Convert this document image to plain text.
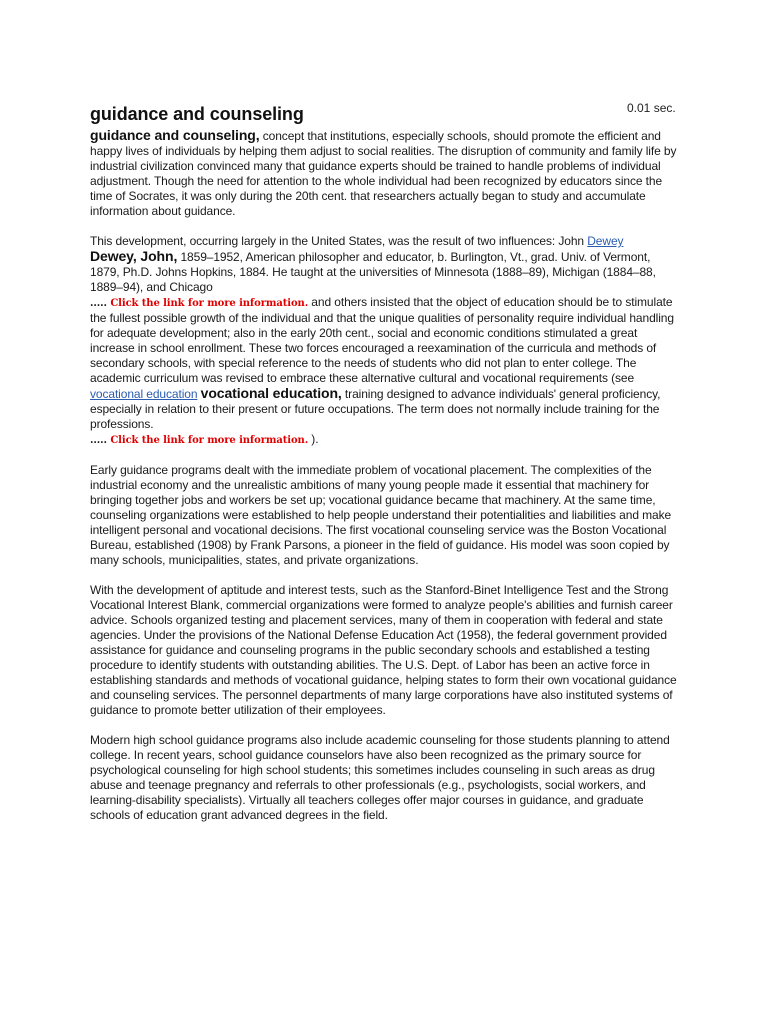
0.01 sec.
guidance and counseling

guidance and counseling, concept that institutions, especially schools, should promote the efficient and happy lives of individuals by helping them adjust to social realities. The disruption of community and family life by industrial civilization convinced many that guidance experts should be trained to handle problems of individual adjustment. Though the need for attention to the whole individual had been recognized by educators since the time of Socrates, it was only during the 20th cent. that researchers actually began to study and accumulate information about guidance.

This development, occurring largely in the United States, was the result of two influences: John Dewey
Dewey, John, 1859–1952, American philosopher and educator, b. Burlington, Vt., grad. Univ. of Vermont, 1879, Ph.D. Johns Hopkins, 1884. He taught at the universities of Minnesota (1888–89), Michigan (1884–88, 1889–94), and Chicago
..... Click the link for more information. and others insisted that the object of education should be to stimulate the fullest possible growth of the individual and that the unique qualities of personality require individual handling for adequate development; also in the early 20th cent., social and economic conditions stimulated a great increase in school enrollment. These two forces encouraged a reexamination of the curricula and methods of secondary schools, with special reference to the needs of students who did not plan to enter college. The academic curriculum was revised to embrace these alternative cultural and vocational requirements (see vocational education vocational education, training designed to advance individuals' general proficiency, especially in relation to their present or future occupations. The term does not normally include training for the professions.
..... Click the link for more information. ).

Early guidance programs dealt with the immediate problem of vocational placement. The complexities of the industrial economy and the unrealistic ambitions of many young people made it essential that machinery for bringing together jobs and workers be set up; vocational guidance became that machinery. At the same time, counseling organizations were established to help people understand their potentialities and liabilities and make intelligent personal and vocational decisions. The first vocational counseling service was the Boston Vocational Bureau, established (1908) by Frank Parsons, a pioneer in the field of guidance. His model was soon copied by many schools, municipalities, states, and private organizations.

With the development of aptitude and interest tests, such as the Stanford-Binet Intelligence Test and the Strong Vocational Interest Blank, commercial organizations were formed to analyze people's abilities and furnish career advice. Schools organized testing and placement services, many of them in cooperation with federal and state agencies. Under the provisions of the National Defense Education Act (1958), the federal government provided assistance for guidance and counseling programs in the public secondary schools and established a testing procedure to identify students with outstanding abilities. The U.S. Dept. of Labor has been an active force in establishing standards and methods of vocational guidance, helping states to form their own vocational guidance and counseling services. The personnel departments of many large corporations have also instituted systems of guidance to promote better utilization of their employees.

Modern high school guidance programs also include academic counseling for those students planning to attend college. In recent years, school guidance counselors have also been recognized as the primary source for psychological counseling for high school students; this sometimes includes counseling in such areas as drug abuse and teenage pregnancy and referrals to other professionals (e.g., psychologists, social workers, and learning-disability specialists). Virtually all teachers colleges offer major courses in guidance, and graduate schools of education grant advanced degrees in the field.
